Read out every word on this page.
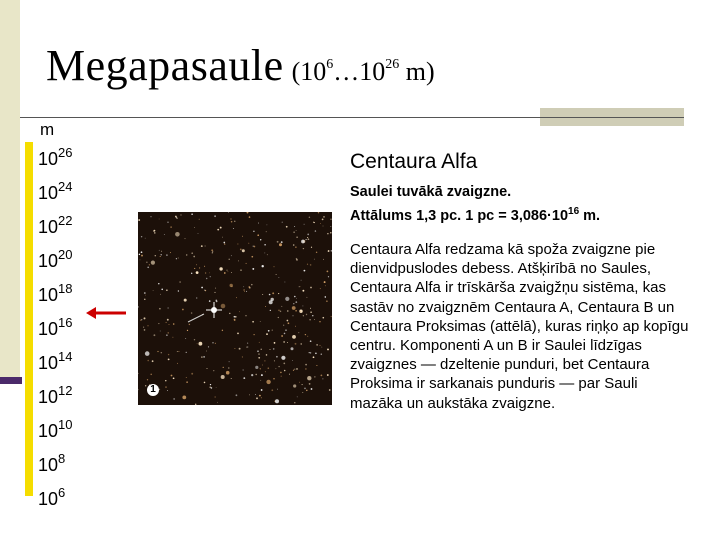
Megapasaule ($10^6\dots 10^{26}$ m)
m
$10^{26}$
$10^{24}$
$10^{22}$
$10^{20}$
$10^{18}$
$10^{16}$
$10^{14}$
$10^{12}$
$10^{10}$
$10^8$
$10^6$
1
Centaura Alfa
Saulei tuvākā zvaigzne.
Attālums 1,3 pc. 1 pc = $3,086\cdot 10^{16}$ m.
Centaura Alfa redzama kā spoža zvaigzne pie dienvidpuslodes debess. Atšķirībā no Saules, Centaura Alfa ir trīskārša zvaigžņu sistēma, kas sastāv no zvaigznēm Centaura A, Centaura B un Centaura Proksimas (attēlā), kuras riņķo ap kopīgu centru. Komponenti A un B ir Saulei līdzīgas zvaigznes — dzeltenie punduri, bet Centaura Proksima ir sarkanais punduris — par Sauli mazāka un aukstāka zvaigzne.
